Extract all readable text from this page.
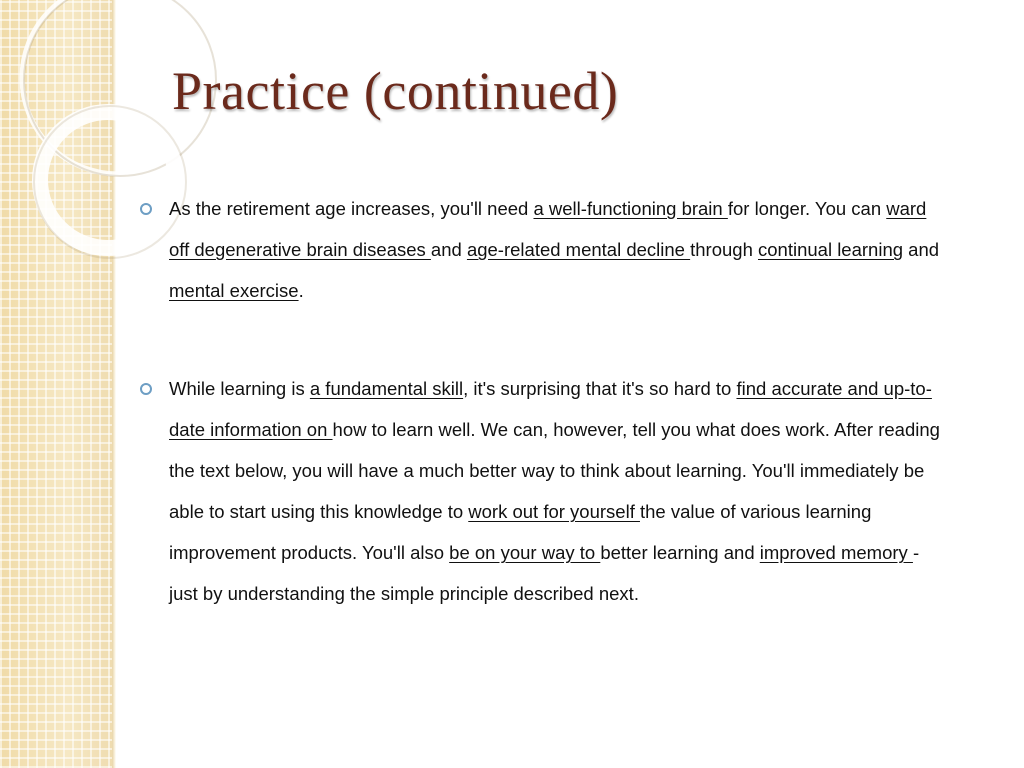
Practice (continued)
As the retirement age increases, you'll need a well-functioning brain for longer. You can ward off degenerative brain diseases and age-related mental decline through continual learning and mental exercise.
While learning is a fundamental skill, it's surprising that it's so hard to find accurate and up-to-date information on how to learn well. We can, however, tell you what does work. After reading the text below, you will have a much better way to think about learning. You'll immediately be able to start using this knowledge to work out for yourself the value of various learning improvement products. You'll also be on your way to better learning and improved memory - just by understanding the simple principle described next.
